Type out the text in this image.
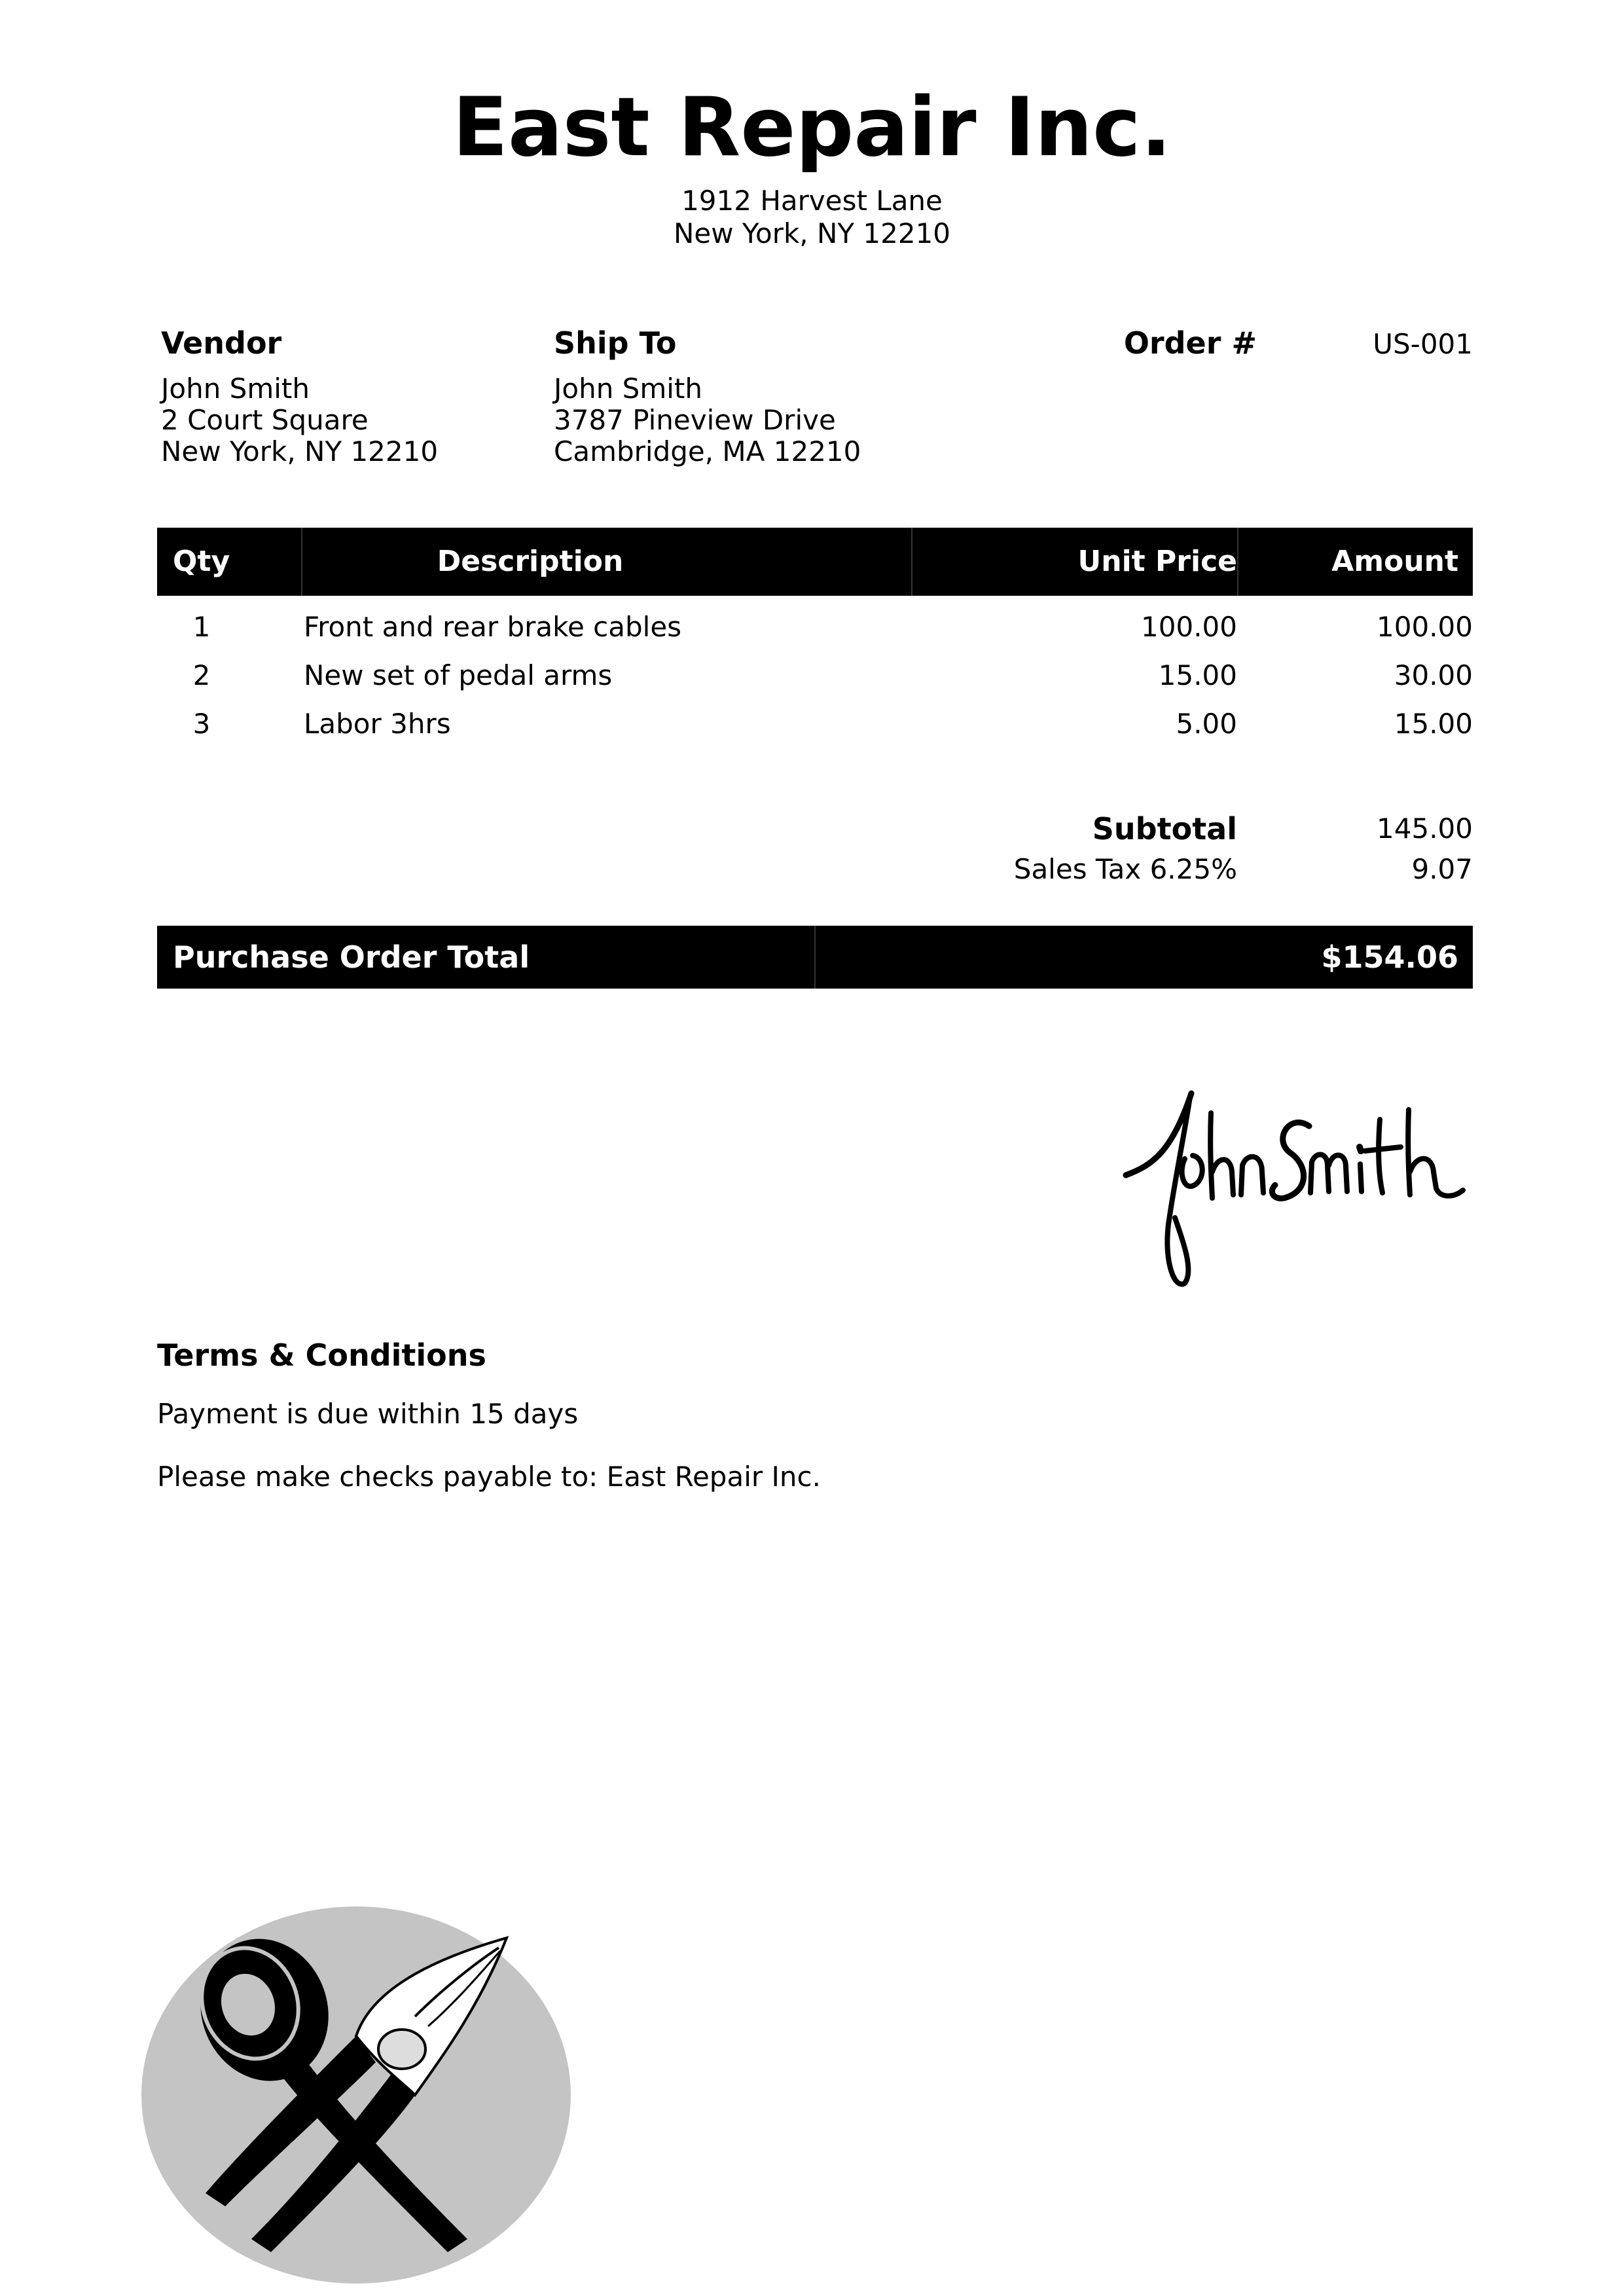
East Repair Inc.
1912 Harvest Lane
New York, NY 12210
Vendor
John Smith
2 Court Square
New York, NY 12210
Ship To
John Smith
3787 Pineview Drive
Cambridge, MA 12210
Order #	US-001
Qty	Description	Unit Price	Amount
1	Front and rear brake cables	100.00	100.00
2	New set of pedal arms	15.00	30.00
3	Labor 3hrs	5.00	15.00
Subtotal	145.00
Sales Tax 6.25%	9.07
Purchase Order Total	$154.06
Terms & Conditions
Payment is due within 15 days
Please make checks payable to: East Repair Inc.
